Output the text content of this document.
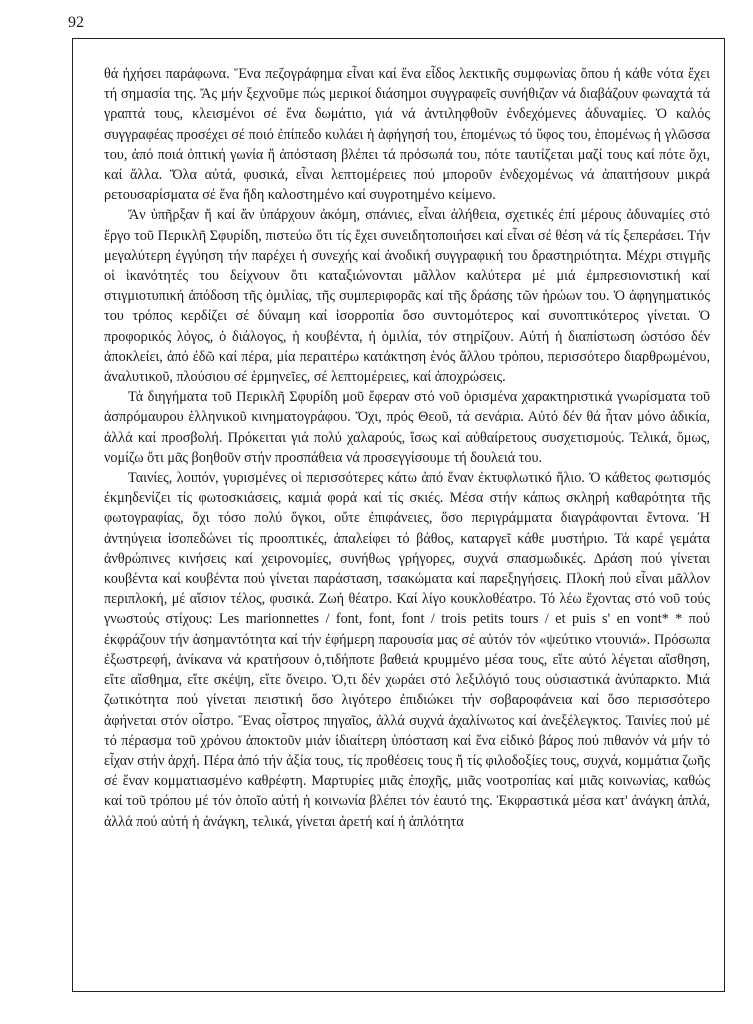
92

θά ἠχήσει παράφωνα. Ἕνα πεζογράφημα εἶναι καί ἕνα εἶδος λεκτικῆς συμφωνίας ὅπου ἡ κάθε νότα ἔχει τή σημασία της. Ἄς μήν ξεχνοῦμε πώς μερικοί διάσημοι συγγραφεῖς συνήθιζαν νά διαβάζουν φωναχτά τά γραπτά τους, κλεισμένοι σέ ἕνα δωμάτιο, γιά νά ἀντιληφθοῦν ἐνδεχόμενες ἀδυναμίες. Ὁ καλός συγγραφέας προσέχει σέ ποιό ἐπίπεδο κυλάει ἡ ἀφήγησή του, ἑπομένως τό ὕφος του, ἑπομένως ἡ γλῶσσα του, ἀπό ποιά ὀπτική γωνία ἤ ἀπόσταση βλέπει τά πρόσωπά του, πότε ταυτίζεται μαζί τους καί πότε ὄχι, καί ἄλλα. Ὅλα αὐτά, φυσικά, εἶναι λεπτομέρειες πού μποροῦν ἐνδεχομένως νά ἀπαιτήσουν μικρά ρετουσαρίσματα σέ ἕνα ἤδη καλοστημένο καί συγροτημένο κείμενο.

Ἄν ὑπῆρξαν ἤ καί ἄν ὑπάρχουν ἀκόμη, σπάνιες, εἶναι ἀλήθεια, σχετικές ἐπί μέρους ἀδυναμίες στό ἔργο τοῦ Περικλῆ Σφυρίδη, πιστεύω ὅτι τίς ἔχει συνειδητοποιήσει καί εἶναι σέ θέση νά τίς ξεπεράσει. Τήν μεγαλύτερη ἐγγύηση τήν παρέχει ἡ συνεχής καί ἀνοδική συγγραφική του δραστηριότητα. Μέχρι στιγμῆς οἱ ἱκανότητές του δείχνουν ὅτι καταξιώνονται μᾶλλον καλύτερα μέ μιά ἐμπρεσιονιστική καί στιγμιοτυπική ἀπόδοση τῆς ὁμιλίας, τῆς συμπεριφορᾶς καί τῆς δράσης τῶν ἡρώων του. Ὁ ἀφηγηματικός του τρόπος κερδίζει σέ δύναμη καί ἰσορροπία ὅσο συντομότερος καί συνοπτικότερος γίνεται. Ὁ προφορικός λόγος, ὁ διάλογος, ἡ κουβέντα, ἡ ὁμιλία, τόν στηρίζουν. Αὐτή ἡ διαπίστωση ὡστόσο δέν ἀποκλείει, ἀπό ἐδῶ καί πέρα, μία περαιτέρω κατάκτηση ἑνός ἄλλου τρόπου, περισσότερο διαρθρωμένου, ἀναλυτικοῦ, πλούσιου σέ ἑρμηνεῖες, σέ λεπτομέρειες, καί ἀποχρώσεις.

Τά διηγήματα τοῦ Περικλῆ Σφυρίδη μοῦ ἔφεραν στό νοῦ ὁρισμένα χαρακτηριστικά γνωρίσματα τοῦ ἀσπρόμαυρου ἑλληνικοῦ κινηματογράφου. Ὄχι, πρός Θεοῦ, τά σενάρια. Αὐτό δέν θά ἦταν μόνο ἀδικία, ἀλλά καί προσβολή. Πρόκειται γιά πολύ χαλαρούς, ἴσως καί αὐθαίρετους συσχετισμούς. Τελικά, ὅμως, νομίζω ὅτι μᾶς βοηθοῦν στήν προσπάθεια νά προσεγγίσουμε τή δουλειά του.

Ταινίες, λοιπόν, γυρισμένες οἱ περισσότερες κάτω ἀπό ἕναν ἐκτυφλωτικό ἥλιο. Ὁ κάθετος φωτισμός ἐκμηδενίζει τίς φωτοσκιάσεις, καμιά φορά καί τίς σκιές. Μέσα στήν κάπως σκληρή καθαρότητα τῆς φωτογραφίας, ὄχι τόσο πολύ ὄγκοι, οὔτε ἐπιφάνειες, ὅσο περιγράμματα διαγράφονται ἔντονα. Ἡ ἀντηύγεια ἰσοπεδώνει τίς προοπτικές, ἀπαλείφει τό βάθος, καταργεῖ κάθε μυστήριο. Τά καρέ γεμάτα ἀνθρώπινες κινήσεις καί χειρονομίες, συνήθως γρήγορες, συχνά σπασμωδικές. Δράση πού γίνεται κουβέντα καί κουβέντα πού γίνεται παράσταση, τσακώματα καί παρεξηγήσεις. Πλοκή πού εἶναι μᾶλλον περιπλοκή, μέ αἴσιον τέλος, φυσικά. Ζωή θέατρο. Καί λίγο κουκλοθέατρο. Τό λέω ἔχοντας στό νοῦ τούς γνωστούς στίχους: Les marionnettes / font, font, font / trois petits tours / et puis s' en vont* * πού ἐκφράζουν τήν ἀσημαντότητα καί τήν ἐφήμερη παρουσία μας σέ αὐτόν τόν «ψεύτικο ντουνιά». Πρόσωπα ἐξωστρεφή, ἀνίκανα νά κρατήσουν ὁ,τιδήποτε βαθειά κρυμμένο μέσα τους, εἴτε αὐτό λέγεται αἴσθηση, εἴτε αἴσθημα, εἴτε σκέψη, εἴτε ὄνειρο. Ὁ,τι δέν χωράει στό λεξιλόγιό τους οὐσιαστικά ἀνύπαρκτο. Μιά ζωτικότητα πού γίνεται πειστική ὅσο λιγότερο ἐπιδιώκει τήν σοβαροφάνεια καί ὅσο περισσότερο ἀφήνεται στόν οἶστρο. Ἕνας οἶστρος πηγαῖος, ἀλλά συχνά ἀχαλίνωτος καί ἀνεξέλεγκτος. Ταινίες πού μέ τό πέρασμα τοῦ χρόνου ἀποκτοῦν μιάν ἰδιαίτερη ὑπόσταση καί ἕνα εἰδικό βάρος πού πιθανόν νά μήν τό εἶχαν στήν ἀρχή. Πέρα ἀπό τήν ἀξία τους, τίς προθέσεις τους ἤ τίς φιλοδοξίες τους, συχνά, κομμάτια ζωῆς σέ ἕναν κομματιασμένο καθρέφτη. Μαρτυρίες μιᾶς ἐποχῆς, μιᾶς νοοτροπίας καί μιᾶς κοινωνίας, καθώς καί τοῦ τρόπου μέ τόν ὁποῖο αὐτή ἡ κοινωνία βλέπει τόν ἑαυτό της. Ἐκφραστικά μέσα κατ' ἀνάγκη ἁπλά, ἀλλά πού αὐτή ἡ ἀνάγκη, τελικά, γίνεται ἀρετή καί ἡ ἁπλότητα
